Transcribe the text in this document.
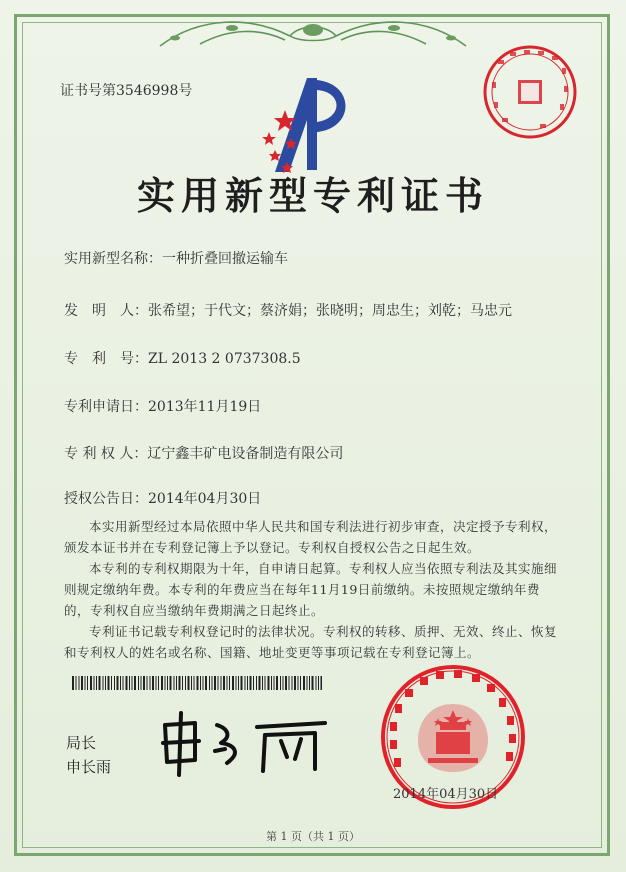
证书号第3546998号
实用新型专利证书
实用新型名称：一种折叠回撤运输车
发　明　人：张希望；于代文；蔡济娟；张晓明；周忠生；刘乾；马忠元
专　利　号：ZL 2013 2 0737308.5
专利申请日：2013年11月19日
专 利 权 人：辽宁鑫丰矿电设备制造有限公司
授权公告日：2014年04月30日
本实用新型经过本局依照中华人民共和国专利法进行初步审查，决定授予专利权，颁发本证书并在专利登记簿上予以登记。专利权自授权公告之日起生效。
本专利的专利权期限为十年，自申请日起算。专利权人应当依照专利法及其实施细则规定缴纳年费。本专利的年费应当在每年11月19日前缴纳。未按照规定缴纳年费的，专利权自应当缴纳年费期满之日起终止。
专利证书记载专利权登记时的法律状况。专利权的转移、质押、无效、终止、恢复和专利权人的姓名或名称、国籍、地址变更等事项记载在专利登记簿上。
局长
申长雨
2014年04月30日
第 1 页（共 1 页）
